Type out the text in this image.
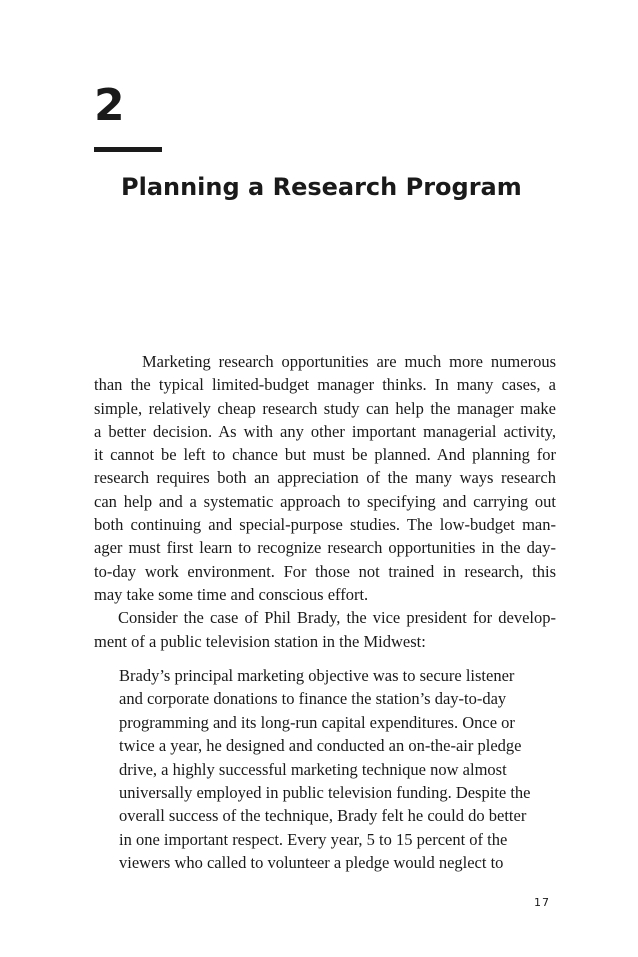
2
Planning a Research Program
Marketing research opportunities are much more numerous
than the typical limited-budget manager thinks. In many cases, a
simple, relatively cheap research study can help the manager make
a better decision. As with any other important managerial activity,
it cannot be left to chance but must be planned. And planning for
research requires both an appreciation of the many ways research
can help and a systematic approach to specifying and carrying out
both continuing and special-purpose studies. The low-budget man-
ager must first learn to recognize research opportunities in the day-
to-day work environment. For those not trained in research, this
may take some time and conscious effort.
Consider the case of Phil Brady, the vice president for develop-
ment of a public television station in the Midwest:
Brady’s principal marketing objective was to secure listener
and corporate donations to finance the station’s day-to-day
programming and its long-run capital expenditures. Once or
twice a year, he designed and conducted an on-the-air pledge
drive, a highly successful marketing technique now almost
universally employed in public television funding. Despite the
overall success of the technique, Brady felt he could do better
in one important respect. Every year, 5 to 15 percent of the
viewers who called to volunteer a pledge would neglect to
17
